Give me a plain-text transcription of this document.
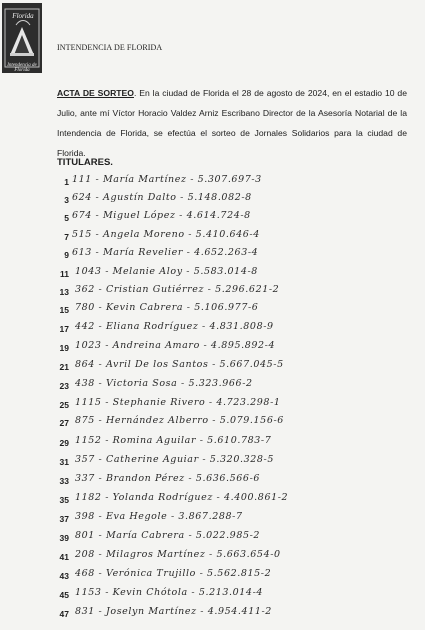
Florida
Intendencia de Florida
INTENDENCIA DE FLORIDA
ACTA DE SORTEO. En la ciudad de Florida el 28 de agosto de 2024, en el estadio 10 de Julio, ante mí Víctor Horacio Valdez Arniz Escribano Director de la Asesoría Notarial de la Intendencia de Florida, se efectúa el sorteo de Jornales Solidarios para la ciudad de Florida.
TITULARES.
1 111 - María Martínez - 5.307.697-3
3 624 - Agustín Dalto - 5.148.082-8
5 674 - Miguel López - 4.614.724-8
7 515 - Angela Moreno - 5.410.646-4
9 613 - María Revelier - 4.652.263-4
11 1043 - Melanie Aloy - 5.583.014-8
13 362 - Cristian Gutiérrez - 5.296.621-2
15 780 - Kevin Cabrera - 5.106.977-6
17 442 - Eliana Rodríguez - 4.831.808-9
19 1023 - Andreina Amaro - 4.895.892-4
21 864 - Avril De los Santos - 5.667.045-5
23 438 - Victoria Sosa - 5.323.966-2
25 1115 - Stephanie Rivero - 4.723.298-1
27 875 - Hernández Alberro - 5.079.156-6
29 1152 - Romina Aguilar - 5.610.783-7
31 357 - Catherine Aguiar - 5.320.328-5
33 337 - Brandon Pérez - 5.636.566-6
35 1182 - Yolanda Rodríguez - 4.400.861-2
37 398 - Eva Hegole - 3.867.288-7
39 801 - María Cabrera - 5.022.985-2
41 208 - Milagros Martínez - 5.663.654-0
43 468 - Verónica Trujillo - 5.562.815-2
45 1153 - Kevin Chótola - 5.213.014-4
47 831 - Joselyn Martínez - 4.954.411-2
